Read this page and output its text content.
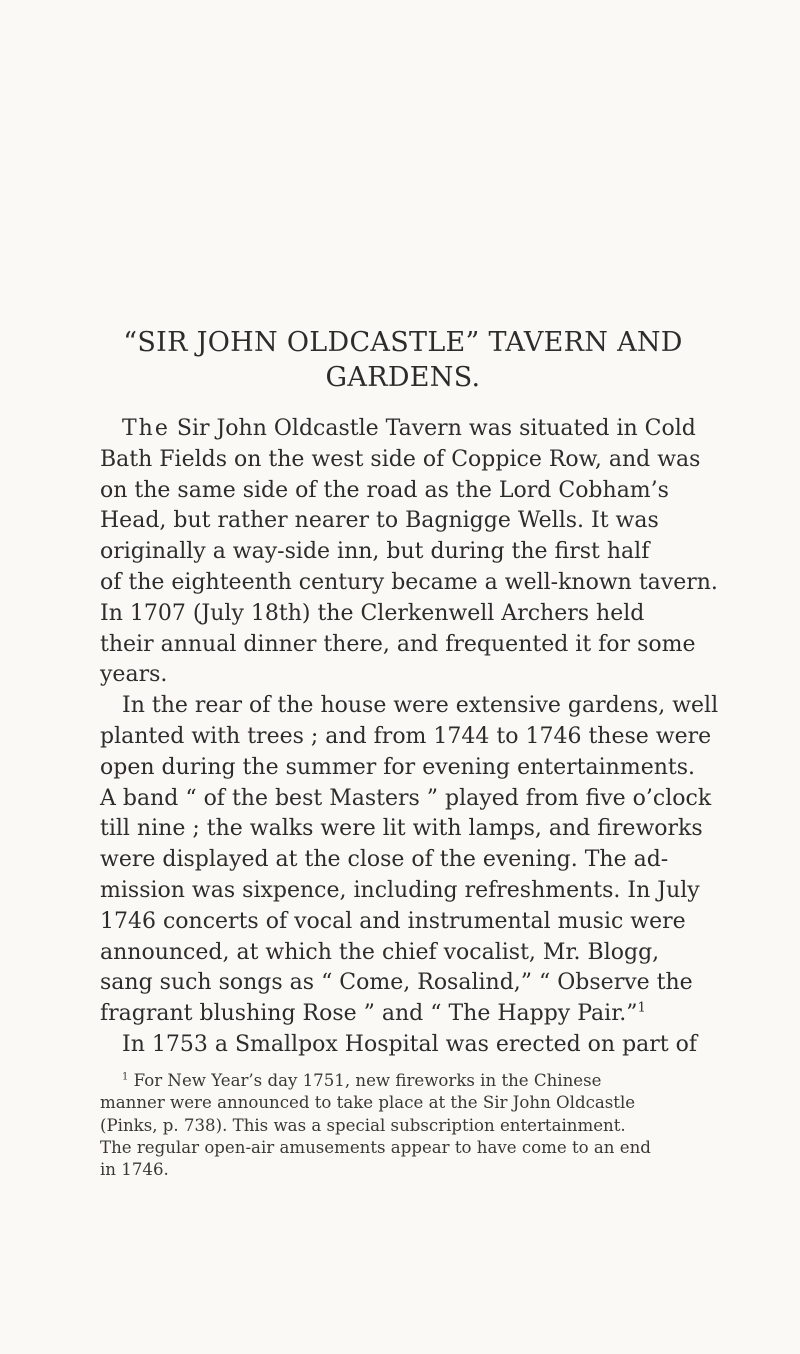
“SIR JOHN OLDCASTLE” TAVERN AND
GARDENS.
The Sir John Oldcastle Tavern was situated in Cold
Bath Fields on the west side of Coppice Row, and was
on the same side of the road as the Lord Cobham’s
Head, but rather nearer to Bagnigge Wells. It was
originally a way-side inn, but during the first half
of the eighteenth century became a well-known tavern.
In 1707 (July 18th) the Clerkenwell Archers held
their annual dinner there, and frequented it for some
years.
In the rear of the house were extensive gardens, well
planted with trees ; and from 1744 to 1746 these were
open during the summer for evening entertainments.
A band “ of the best Masters ” played from five o’clock
till nine ; the walks were lit with lamps, and fireworks
were displayed at the close of the evening. The ad-
mission was sixpence, including refreshments. In July
1746 concerts of vocal and instrumental music were
announced, at which the chief vocalist, Mr. Blogg,
sang such songs as “ Come, Rosalind,” “ Observe the
fragrant blushing Rose ” and “ The Happy Pair.”$^1$
In 1753 a Smallpox Hospital was erected on part of
$^1$ For New Year’s day 1751, new fireworks in the Chinese
manner were announced to take place at the Sir John Oldcastle
(Pinks, p. 738). This was a special subscription entertainment.
The regular open-air amusements appear to have come to an end
in 1746.
